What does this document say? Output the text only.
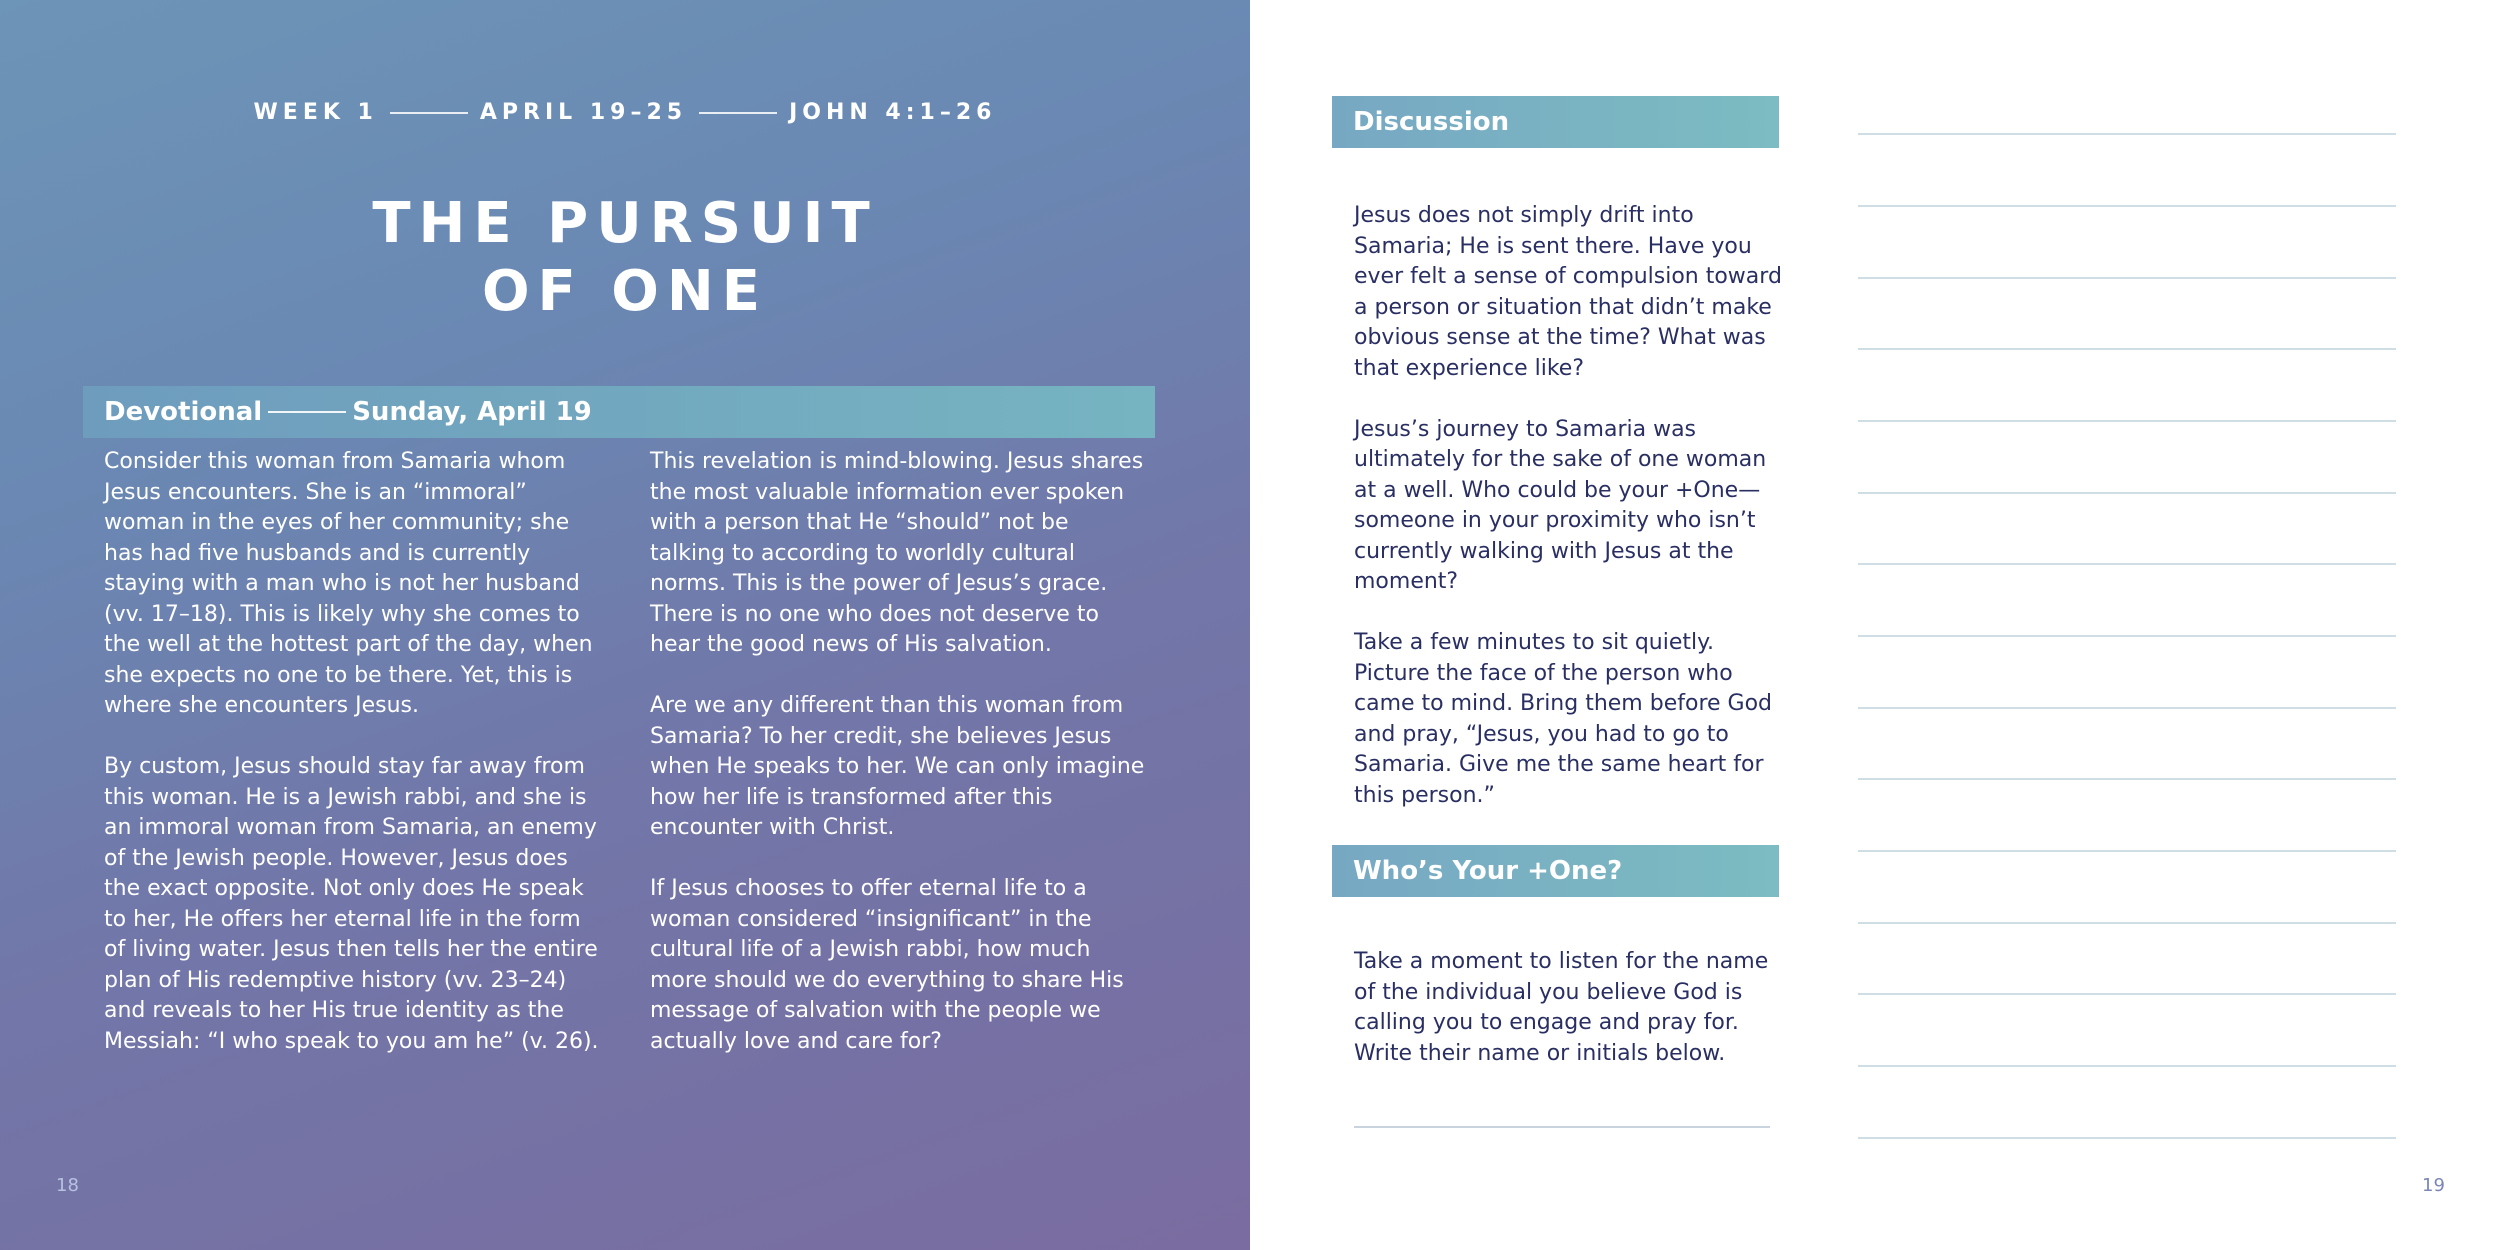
WEEK 1	APRIL 19–25	JOHN 4:1–26
THE PURSUIT
OF ONE
18
Devotional	Sunday, April 19

Consider this woman from Samaria whom Jesus encounters. She is an “immoral” woman in the eyes of her community; she has had five husbands and is currently staying with a man who is not her husband (vv. 17–18). This is likely why she comes to the well at the hottest part of the day, when she expects no one to be there. Yet, this is where she encounters Jesus.

By custom, Jesus should stay far away from this woman. He is a Jewish rabbi, and she is an immoral woman from Samaria, an enemy of the Jewish people. However, Jesus does the exact opposite. Not only does He speak to her, He offers her eternal life in the form of living water. Jesus then tells her the entire plan of His redemptive history (vv. 23–24) and reveals to her His true identity as the Messiah: “I who speak to you am he” (v. 26).

This revelation is mind-blowing. Jesus shares the most valuable information ever spoken with a person that He “should” not be talking to according to worldly cultural norms. This is the power of Jesus’s grace. There is no one who does not deserve to hear the good news of His salvation.

Are we any different than this woman from Samaria? To her credit, she believes Jesus when He speaks to her. We can only imagine how her life is transformed after this encounter with Christ.

If Jesus chooses to offer eternal life to a woman considered “insignificant” in the cultural life of a Jewish rabbi, how much more should we do everything to share His message of salvation with the people we actually love and care for?

Discussion

Jesus does not simply drift into Samaria; He is sent there. Have you ever felt a sense of compulsion toward a person or situation that didn’t make obvious sense at the time? What was that experience like?

Jesus’s journey to Samaria was ultimately for the sake of one woman at a well. Who could be your +One—someone in your proximity who isn’t currently walking with Jesus at the moment?

Take a few minutes to sit quietly. Picture the face of the person who came to mind. Bring them before God and pray, “Jesus, you had to go to Samaria. Give me the same heart for this person.”

Who’s Your +One?

Take a moment to listen for the name of the individual you believe God is calling you to engage and pray for. Write their name or initials below.

19
